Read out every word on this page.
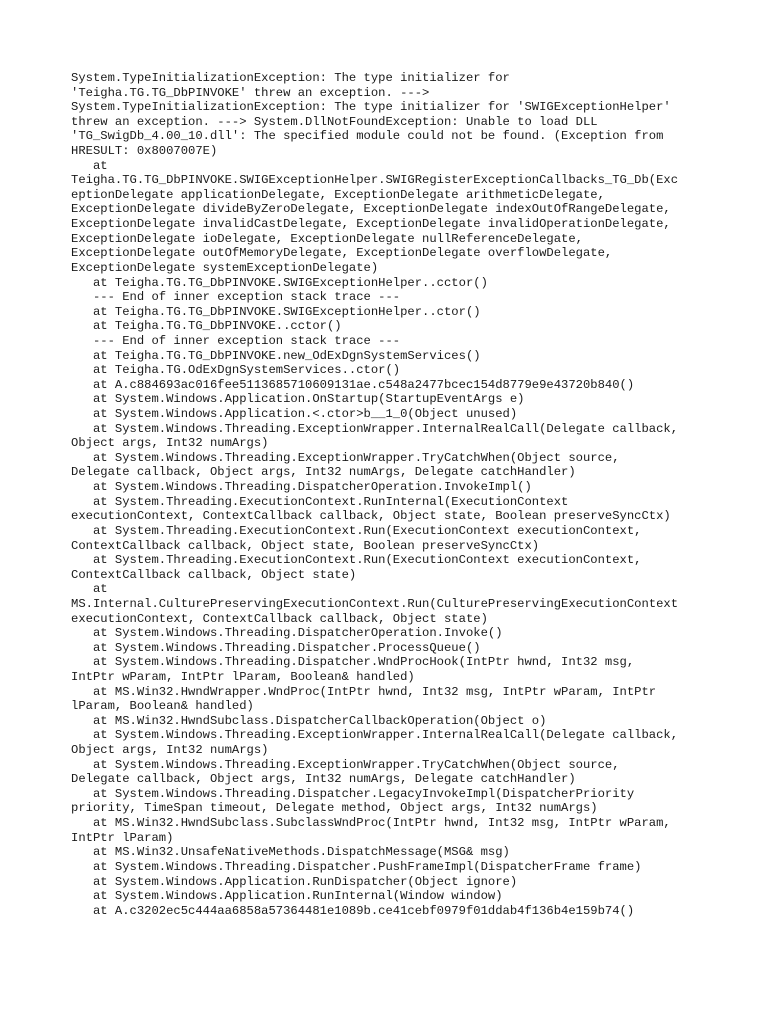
System.TypeInitializationException: The type initializer for
'Teigha.TG.TG_DbPINVOKE' threw an exception. --->
System.TypeInitializationException: The type initializer for 'SWIGExceptionHelper'
threw an exception. ---> System.DllNotFoundException: Unable to load DLL
'TG_SwigDb_4.00_10.dll': The specified module could not be found. (Exception from
HRESULT: 0x8007007E)
at
Teigha.TG.TG_DbPINVOKE.SWIGExceptionHelper.SWIGRegisterExceptionCallbacks_TG_Db(Exc
eptionDelegate applicationDelegate, ExceptionDelegate arithmeticDelegate,
ExceptionDelegate divideByZeroDelegate, ExceptionDelegate indexOutOfRangeDelegate,
ExceptionDelegate invalidCastDelegate, ExceptionDelegate invalidOperationDelegate,
ExceptionDelegate ioDelegate, ExceptionDelegate nullReferenceDelegate,
ExceptionDelegate outOfMemoryDelegate, ExceptionDelegate overflowDelegate,
ExceptionDelegate systemExceptionDelegate)
at Teigha.TG.TG_DbPINVOKE.SWIGExceptionHelper..cctor()
--- End of inner exception stack trace ---
at Teigha.TG.TG_DbPINVOKE.SWIGExceptionHelper..ctor()
at Teigha.TG.TG_DbPINVOKE..cctor()
--- End of inner exception stack trace ---
at Teigha.TG.TG_DbPINVOKE.new_OdExDgnSystemServices()
at Teigha.TG.OdExDgnSystemServices..ctor()
at A.c884693ac016fee5113685710609131ae.c548a2477bcec154d8779e9e43720b840()
at System.Windows.Application.OnStartup(StartupEventArgs e)
at System.Windows.Application.<.ctor>b__1_0(Object unused)
at System.Windows.Threading.ExceptionWrapper.InternalRealCall(Delegate callback,
Object args, Int32 numArgs)
at System.Windows.Threading.ExceptionWrapper.TryCatchWhen(Object source,
Delegate callback, Object args, Int32 numArgs, Delegate catchHandler)
at System.Windows.Threading.DispatcherOperation.InvokeImpl()
at System.Threading.ExecutionContext.RunInternal(ExecutionContext
executionContext, ContextCallback callback, Object state, Boolean preserveSyncCtx)
at System.Threading.ExecutionContext.Run(ExecutionContext executionContext,
ContextCallback callback, Object state, Boolean preserveSyncCtx)
at System.Threading.ExecutionContext.Run(ExecutionContext executionContext,
ContextCallback callback, Object state)
at
MS.Internal.CulturePreservingExecutionContext.Run(CulturePreservingExecutionContext
executionContext, ContextCallback callback, Object state)
at System.Windows.Threading.DispatcherOperation.Invoke()
at System.Windows.Threading.Dispatcher.ProcessQueue()
at System.Windows.Threading.Dispatcher.WndProcHook(IntPtr hwnd, Int32 msg,
IntPtr wParam, IntPtr lParam, Boolean& handled)
at MS.Win32.HwndWrapper.WndProc(IntPtr hwnd, Int32 msg, IntPtr wParam, IntPtr
lParam, Boolean& handled)
at MS.Win32.HwndSubclass.DispatcherCallbackOperation(Object o)
at System.Windows.Threading.ExceptionWrapper.InternalRealCall(Delegate callback,
Object args, Int32 numArgs)
at System.Windows.Threading.ExceptionWrapper.TryCatchWhen(Object source,
Delegate callback, Object args, Int32 numArgs, Delegate catchHandler)
at System.Windows.Threading.Dispatcher.LegacyInvokeImpl(DispatcherPriority
priority, TimeSpan timeout, Delegate method, Object args, Int32 numArgs)
at MS.Win32.HwndSubclass.SubclassWndProc(IntPtr hwnd, Int32 msg, IntPtr wParam,
IntPtr lParam)
at MS.Win32.UnsafeNativeMethods.DispatchMessage(MSG& msg)
at System.Windows.Threading.Dispatcher.PushFrameImpl(DispatcherFrame frame)
at System.Windows.Application.RunDispatcher(Object ignore)
at System.Windows.Application.RunInternal(Window window)
at A.c3202ec5c444aa6858a57364481e1089b.ce41cebf0979f01ddab4f136b4e159b74()
